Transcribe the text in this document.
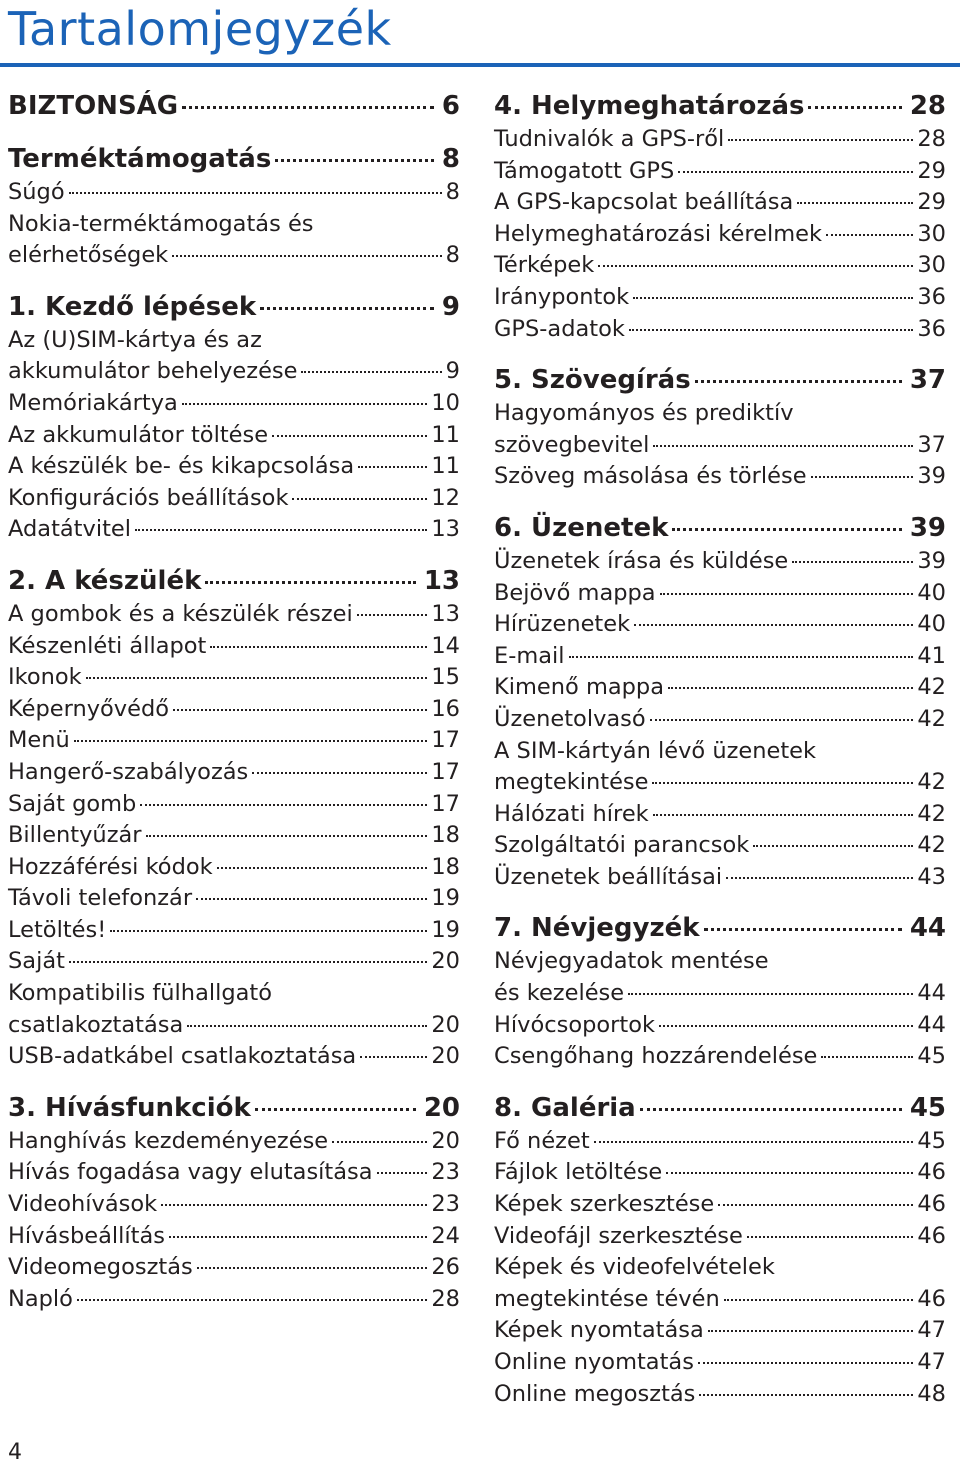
Tartalomjegyzék
BIZTONSÁG	6
Terméktámogatás	8
Súgó	8
Nokia-terméktámogatás és
elérhetőségek	8
1. Kezdő lépések	9
Az (U)SIM-kártya és az
akkumulátor behelyezése	9
Memóriakártya	10
Az akkumulátor töltése	11
A készülék be- és kikapcsolása	11
Konfigurációs beállítások	12
Adatátvitel	13
2. A készülék	13
A gombok és a készülék részei	13
Készenléti állapot	14
Ikonok	15
Képernyővédő	16
Menü	17
Hangerő-szabályozás	17
Saját gomb	17
Billentyűzár	18
Hozzáférési kódok	18
Távoli telefonzár	19
Letöltés!	19
Saját	20
Kompatibilis fülhallgató
csatlakoztatása	20
USB-adatkábel csatlakoztatása	20
3. Hívásfunkciók	20
Hanghívás kezdeményezése	20
Hívás fogadása vagy elutasítása	23
Videohívások	23
Hívásbeállítás	24
Videomegosztás	26
Napló	28
4. Helymeghatározás	28
Tudnivalók a GPS-ről	28
Támogatott GPS	29
A GPS-kapcsolat beállítása	29
Helymeghatározási kérelmek	30
Térképek	30
Iránypontok	36
GPS-adatok	36
5. Szövegírás	37
Hagyományos és prediktív
szövegbevitel	37
Szöveg másolása és törlése	39
6. Üzenetek	39
Üzenetek írása és küldése	39
Bejövő mappa	40
Hírüzenetek	40
E-mail	41
Kimenő mappa	42
Üzenetolvasó	42
A SIM-kártyán lévő üzenetek
megtekintése	42
Hálózati hírek	42
Szolgáltatói parancsok	42
Üzenetek beállításai	43
7. Névjegyzék	44
Névjegyadatok mentése
és kezelése	44
Hívócsoportok	44
Csengőhang hozzárendelése	45
8. Galéria	45
Fő nézet	45
Fájlok letöltése	46
Képek szerkesztése	46
Videofájl szerkesztése	46
Képek és videofelvételek
megtekintése tévén	46
Képek nyomtatása	47
Online nyomtatás	47
Online megosztás	48
4
